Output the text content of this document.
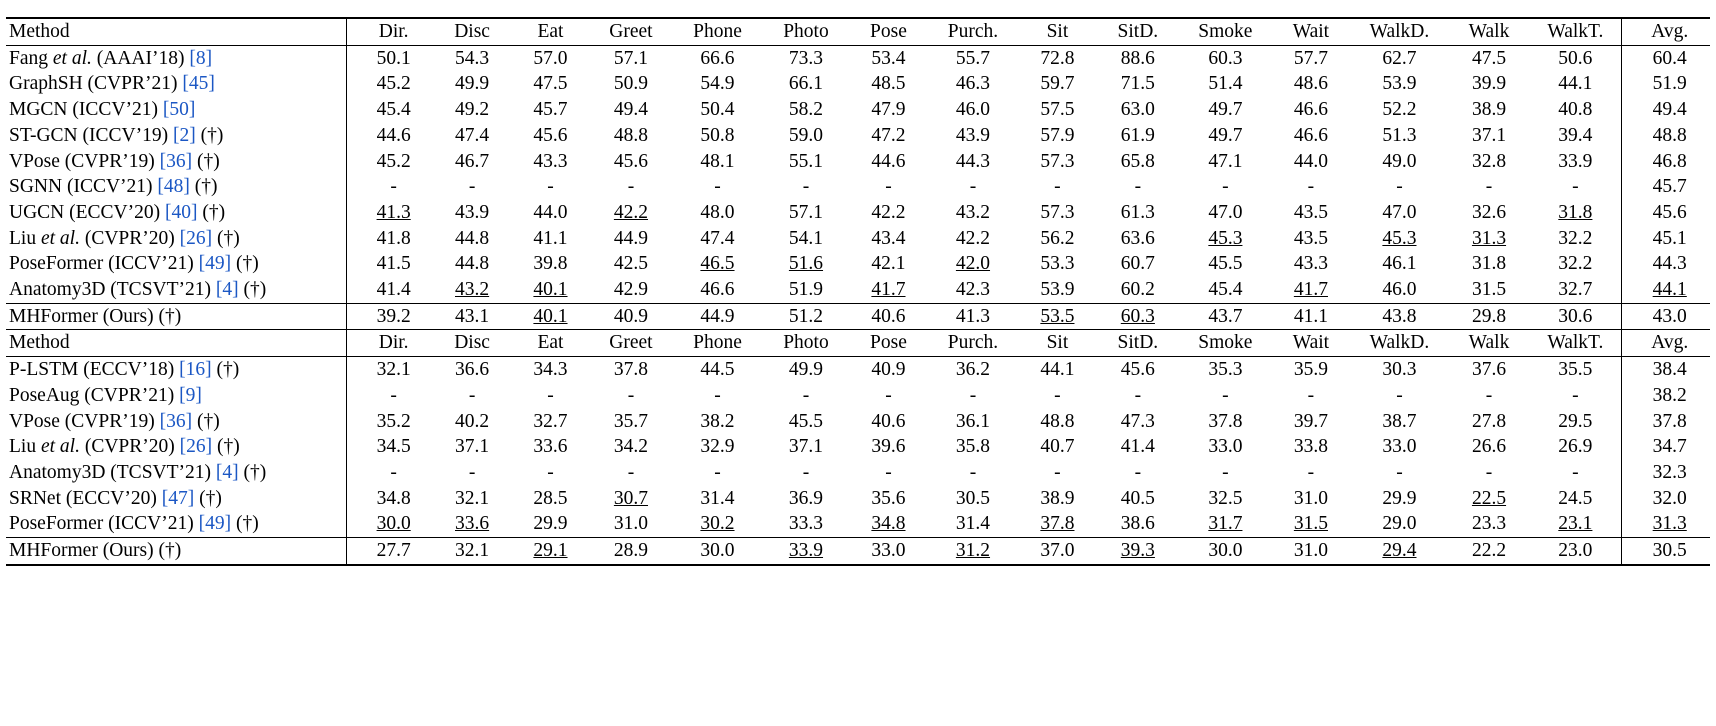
Method	Dir.	Disc	Eat	Greet	Phone	Photo	Pose	Purch.	Sit	SitD.	Smoke	Wait	WalkD.	Walk	WalkT.	Avg.
Fang et al. (AAAI’18) [8]	50.1	54.3	57.0	57.1	66.6	73.3	53.4	55.7	72.8	88.6	60.3	57.7	62.7	47.5	50.6	60.4
GraphSH (CVPR’21) [45]	45.2	49.9	47.5	50.9	54.9	66.1	48.5	46.3	59.7	71.5	51.4	48.6	53.9	39.9	44.1	51.9
MGCN (ICCV’21) [50]	45.4	49.2	45.7	49.4	50.4	58.2	47.9	46.0	57.5	63.0	49.7	46.6	52.2	38.9	40.8	49.4
ST-GCN (ICCV’19) [2] (†)	44.6	47.4	45.6	48.8	50.8	59.0	47.2	43.9	57.9	61.9	49.7	46.6	51.3	37.1	39.4	48.8
VPose (CVPR’19) [36] (†)	45.2	46.7	43.3	45.6	48.1	55.1	44.6	44.3	57.3	65.8	47.1	44.0	49.0	32.8	33.9	46.8
SGNN (ICCV’21) [48] (†)	-	-	-	-	-	-	-	-	-	-	-	-	-	-	-	45.7
UGCN (ECCV’20) [40] (†)	41.3	43.9	44.0	42.2	48.0	57.1	42.2	43.2	57.3	61.3	47.0	43.5	47.0	32.6	31.8	45.6
Liu et al. (CVPR’20) [26] (†)	41.8	44.8	41.1	44.9	47.4	54.1	43.4	42.2	56.2	63.6	45.3	43.5	45.3	31.3	32.2	45.1
PoseFormer (ICCV’21) [49] (†)	41.5	44.8	39.8	42.5	46.5	51.6	42.1	42.0	53.3	60.7	45.5	43.3	46.1	31.8	32.2	44.3
Anatomy3D (TCSVT’21) [4] (†)	41.4	43.2	40.1	42.9	46.6	51.9	41.7	42.3	53.9	60.2	45.4	41.7	46.0	31.5	32.7	44.1
MHFormer (Ours) (†)	39.2	43.1	40.1	40.9	44.9	51.2	40.6	41.3	53.5	60.3	43.7	41.1	43.8	29.8	30.6	43.0
Method	Dir.	Disc	Eat	Greet	Phone	Photo	Pose	Purch.	Sit	SitD.	Smoke	Wait	WalkD.	Walk	WalkT.	Avg.
P-LSTM (ECCV’18) [16] (†)	32.1	36.6	34.3	37.8	44.5	49.9	40.9	36.2	44.1	45.6	35.3	35.9	30.3	37.6	35.5	38.4
PoseAug (CVPR’21) [9]	-	-	-	-	-	-	-	-	-	-	-	-	-	-	-	38.2
VPose (CVPR’19) [36] (†)	35.2	40.2	32.7	35.7	38.2	45.5	40.6	36.1	48.8	47.3	37.8	39.7	38.7	27.8	29.5	37.8
Liu et al. (CVPR’20) [26] (†)	34.5	37.1	33.6	34.2	32.9	37.1	39.6	35.8	40.7	41.4	33.0	33.8	33.0	26.6	26.9	34.7
Anatomy3D (TCSVT’21) [4] (†)	-	-	-	-	-	-	-	-	-	-	-	-	-	-	-	32.3
SRNet (ECCV’20) [47] (†)	34.8	32.1	28.5	30.7	31.4	36.9	35.6	30.5	38.9	40.5	32.5	31.0	29.9	22.5	24.5	32.0
PoseFormer (ICCV’21) [49] (†)	30.0	33.6	29.9	31.0	30.2	33.3	34.8	31.4	37.8	38.6	31.7	31.5	29.0	23.3	23.1	31.3
MHFormer (Ours) (†)	27.7	32.1	29.1	28.9	30.0	33.9	33.0	31.2	37.0	39.3	30.0	31.0	29.4	22.2	23.0	30.5
